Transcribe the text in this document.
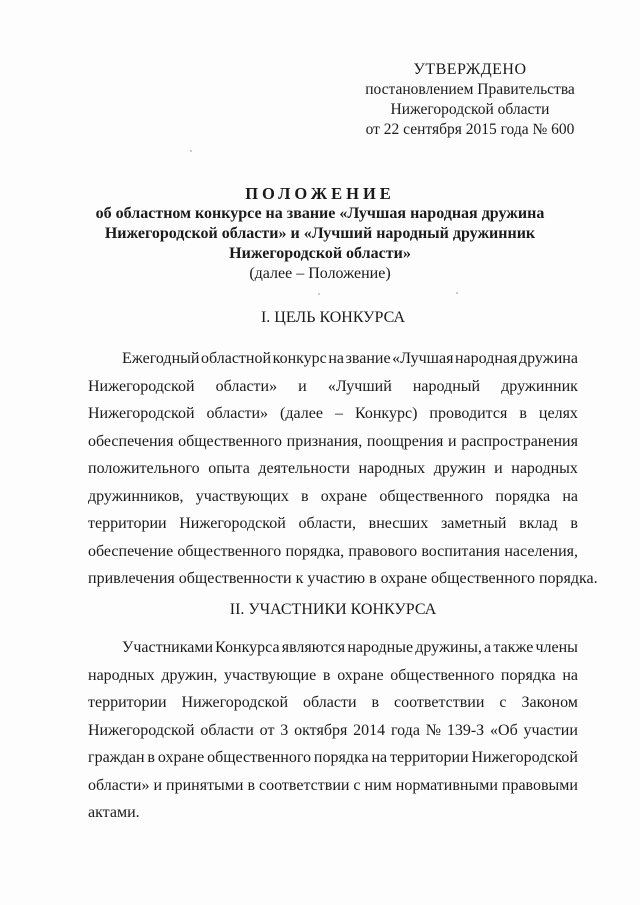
УТВЕРЖДЕНО
постановлением Правительства
Нижегородской области
от 22 сентября 2015 года № 600
ПОЛОЖЕНИЕ
об областном конкурсе на звание «Лучшая народная дружина
Нижегородской области» и «Лучший народный дружинник
Нижегородской области»
(далее – Положение)
I. ЦЕЛЬ КОНКУРСА
Ежегодный областной конкурс на звание «Лучшая народная дружина
Нижегородской области» и «Лучший народный дружинник
Нижегородской области» (далее – Конкурс) проводится в целях
обеспечения общественного признания, поощрения и распространения
положительного опыта деятельности народных дружин и народных
дружинников, участвующих в охране общественного порядка на
территории Нижегородской области, внесших заметный вклад в
обеспечение общественного порядка, правового воспитания населения,
привлечения общественности к участию в охране общественного порядка.
II. УЧАСТНИКИ КОНКУРСА
Участниками Конкурса являются народные дружины, а также члены
народных дружин, участвующие в охране общественного порядка на
территории Нижегородской области в соответствии с Законом
Нижегородской области от 3 октября 2014 года № 139-З «Об участии
граждан в охране общественного порядка на территории Нижегородской
области» и принятыми в соответствии с ним нормативными правовыми
актами.
